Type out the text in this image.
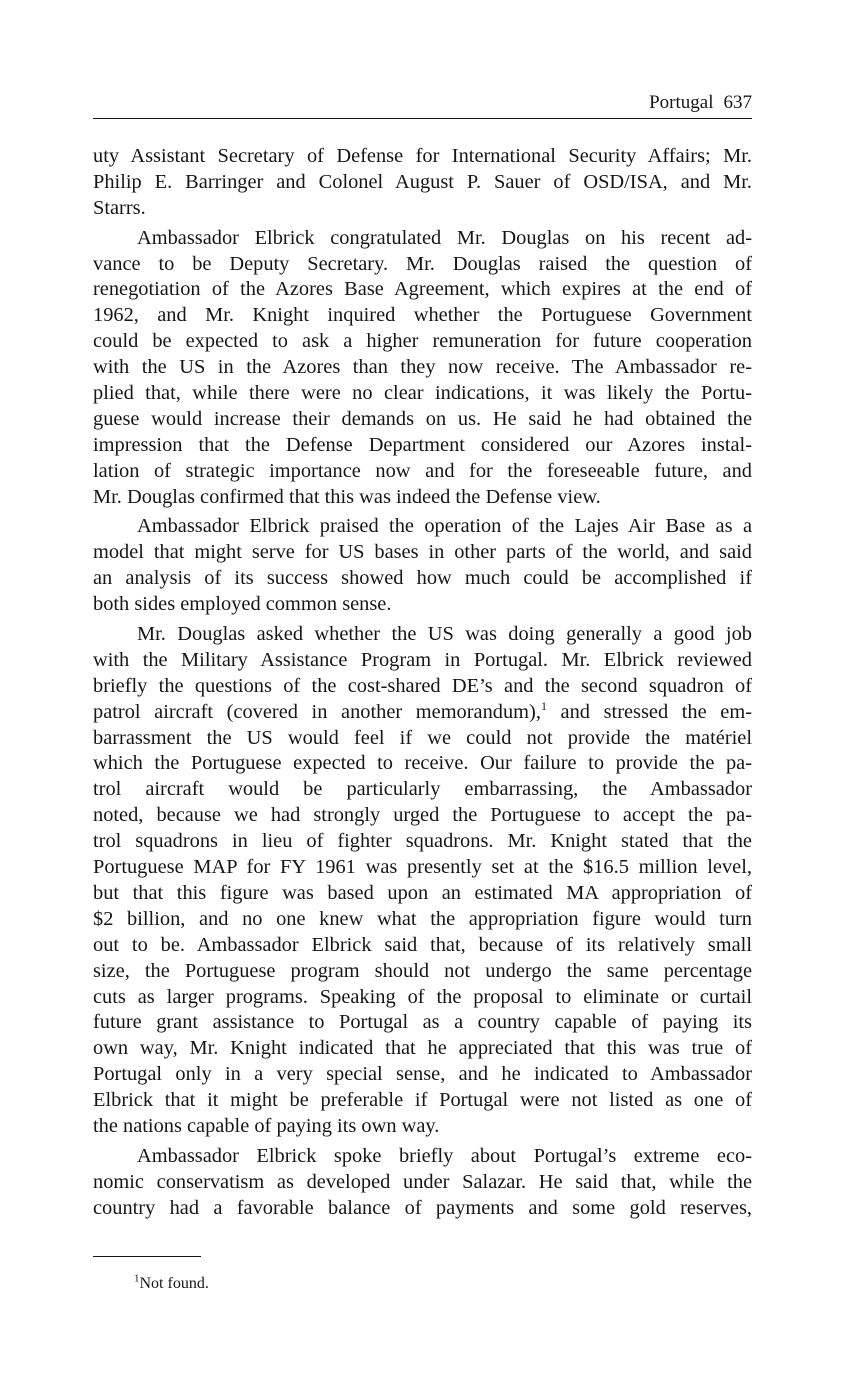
Portugal 637
uty Assistant Secretary of Defense for International Security Affairs; Mr.
Philip E. Barringer and Colonel August P. Sauer of OSD/ISA, and Mr.
Starrs.
Ambassador Elbrick congratulated Mr. Douglas on his recent ad-
vance to be Deputy Secretary. Mr. Douglas raised the question of
renegotiation of the Azores Base Agreement, which expires at the end of
1962, and Mr. Knight inquired whether the Portuguese Government
could be expected to ask a higher remuneration for future cooperation
with the US in the Azores than they now receive. The Ambassador re-
plied that, while there were no clear indications, it was likely the Portu-
guese would increase their demands on us. He said he had obtained the
impression that the Defense Department considered our Azores instal-
lation of strategic importance now and for the foreseeable future, and
Mr. Douglas confirmed that this was indeed the Defense view.
Ambassador Elbrick praised the operation of the Lajes Air Base as a
model that might serve for US bases in other parts of the world, and said
an analysis of its success showed how much could be accomplished if
both sides employed common sense.
Mr. Douglas asked whether the US was doing generally a good job
with the Military Assistance Program in Portugal. Mr. Elbrick reviewed
briefly the questions of the cost-shared DE’s and the second squadron of
patrol aircraft (covered in another memorandum),$^1$ and stressed the em-
barrassment the US would feel if we could not provide the matériel
which the Portuguese expected to receive. Our failure to provide the pa-
trol aircraft would be particularly embarrassing, the Ambassador
noted, because we had strongly urged the Portuguese to accept the pa-
trol squadrons in lieu of fighter squadrons. Mr. Knight stated that the
Portuguese MAP for FY 1961 was presently set at the $16.5 million level,
but that this figure was based upon an estimated MA appropriation of
$2 billion, and no one knew what the appropriation figure would turn
out to be. Ambassador Elbrick said that, because of its relatively small
size, the Portuguese program should not undergo the same percentage
cuts as larger programs. Speaking of the proposal to eliminate or curtail
future grant assistance to Portugal as a country capable of paying its
own way, Mr. Knight indicated that he appreciated that this was true of
Portugal only in a very special sense, and he indicated to Ambassador
Elbrick that it might be preferable if Portugal were not listed as one of
the nations capable of paying its own way.
Ambassador Elbrick spoke briefly about Portugal’s extreme eco-
nomic conservatism as developed under Salazar. He said that, while the
country had a favorable balance of payments and some gold reserves,
$^1$Not found.
